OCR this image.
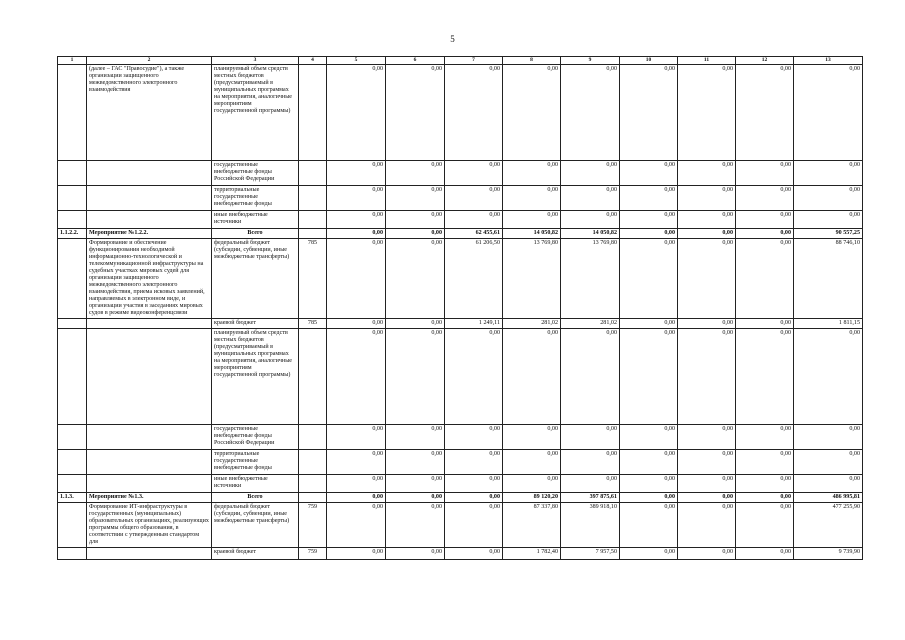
5
1	2	3	4	5	6	7	8	9	10	11	12	13
	(далее – ГАС "Правосудие"), а также организации защищенного межведомственного электронного взаимодействия	планируемый объем средств местных бюджетов (предусматриваемый в муниципальных программах на мероприятия, аналогичные мероприятиям государственной программы)		0,00	0,00	0,00	0,00	0,00	0,00	0,00	0,00	0,00
		государственные внебюджетные фонды Российской Федерации		0,00	0,00	0,00	0,00	0,00	0,00	0,00	0,00	0,00
		территориальные государственные внебюджетные фонды		0,00	0,00	0,00	0,00	0,00	0,00	0,00	0,00	0,00
		иные внебюджетные источники		0,00	0,00	0,00	0,00	0,00	0,00	0,00	0,00	0,00
1.1.2.2.	Мероприятие №1.2.2.	Всего		0,00	0,00	62 455,61	14 050,82	14 050,82	0,00	0,00	0,00	90 557,25
	Формирование и обеспечение функционирования необходимой информационно-технологической и телекоммуникационной инфраструктуры на судебных участках мировых судей для организации защищенного межведомственного электронного взаимодействия, приема исковых заявлений, направляемых в электронном виде, и организации участия в заседаниях мировых судов в режиме видеоконференцсвязи	федеральный бюджет (субсидии, субвенции, иные межбюджетные трансферты)	785	0,00	0,00	61 206,50	13 769,80	13 769,80	0,00	0,00	0,00	88 746,10
		краевой бюджет	785	0,00	0,00	1 249,11	281,02	281,02	0,00	0,00	0,00	1 811,15
		планируемый объем средств местных бюджетов (предусматриваемый в муниципальных программах на мероприятия, аналогичные мероприятиям государственной программы)		0,00	0,00	0,00	0,00	0,00	0,00	0,00	0,00	0,00
		государственные внебюджетные фонды Российской Федерации		0,00	0,00	0,00	0,00	0,00	0,00	0,00	0,00	0,00
		территориальные государственные внебюджетные фонды		0,00	0,00	0,00	0,00	0,00	0,00	0,00	0,00	0,00
		иные внебюджетные источники		0,00	0,00	0,00	0,00	0,00	0,00	0,00	0,00	0,00
1.1.3.	Мероприятие №1.3.	Всего		0,00	0,00	0,00	89 120,20	397 875,61	0,00	0,00	0,00	486 995,81
	Формирование ИТ-инфраструктуры в государственных (муниципальных) образовательных организациях, реализующих программы общего образования, в соответствии с утвержденным стандартом для	федеральный бюджет (субсидии, субвенции, иные межбюджетные трансферты)	759	0,00	0,00	0,00	87 337,80	389 918,10	0,00	0,00	0,00	477 255,90
		краевой бюджет	759	0,00	0,00	0,00	1 782,40	7 957,50	0,00	0,00	0,00	9 739,90
